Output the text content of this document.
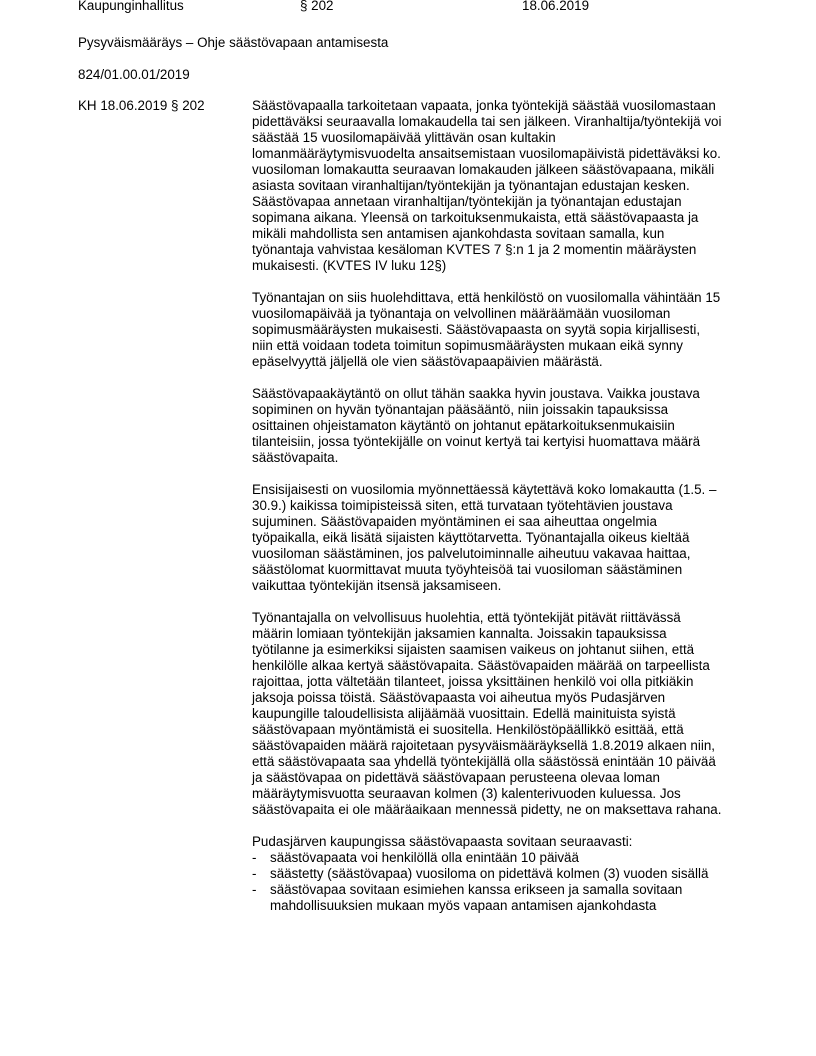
Kaupunginhallitus	§ 202	18.06.2019
Pysyväismääräys – Ohje säästövapaan antamisesta
824/01.00.01/2019
KH 18.06.2019 § 202	Säästövapaalla tarkoitetaan vapaata, jonka työntekijä säästää vuosilomastaan pidettäväksi seuraavalla lomakaudella tai sen jälkeen. Viranhaltija/työntekijä voi säästää 15 vuosilomapäivää ylittävän osan kultakin lomanmääräytymisvuodelta ansaitsemistaan vuosilomapäivistä pidettäväksi ko. vuosiloman lomakautta seuraavan lomakauden jälkeen säästövapaana, mikäli asiasta sovitaan viranhaltijan/työntekijän ja työnantajan edustajan kesken. Säästövapaa annetaan viranhaltijan/työntekijän ja työnantajan edustajan sopimana aikana. Yleensä on tarkoituksenmukaista, että säästövapaasta ja mikäli mahdollista sen antamisen ajankohdasta sovitaan samalla, kun työnantaja vahvistaa kesäloman KVTES 7 §:n 1 ja 2 momentin määräysten mukaisesti. (KVTES IV luku 12§)

Työnantajan on siis huolehdittava, että henkilöstö on vuosilomalla vähintään 15 vuosilomapäivää ja työnantaja on velvollinen määräämään vuosiloman sopimusmääräysten mukaisesti. Säästövapaasta on syytä sopia kirjallisesti, niin että voidaan todeta toimitun sopimusmääräysten mukaan eikä synny epäselvyyttä jäljellä ole vien säästövapaapäivien määrästä.

Säästövapaakäytäntö on ollut tähän saakka hyvin joustava. Vaikka joustava sopiminen on hyvän työnantajan pääsääntö, niin joissakin tapauksissa osittainen ohjeistamaton käytäntö on johtanut epätarkoituksenmukaisiin tilanteisiin, jossa työntekijälle on voinut kertyä tai kertyisi huomattava määrä säästövapaita.

Ensisijaisesti on vuosilomia myönnettäessä käytettävä koko lomakautta (1.5. – 30.9.) kaikissa toimipisteissä siten, että turvataan työtehtävien joustava sujuminen. Säästövapaiden myöntäminen ei saa aiheuttaa ongelmia työpaikalla, eikä lisätä sijaisten käyttötarvetta. Työnantajalla oikeus kieltää vuosiloman säästäminen, jos palvelutoiminnalle aiheutuu vakavaa haittaa, säästölomat kuormittavat muuta työyhteisöä tai vuosiloman säästäminen vaikuttaa työntekijän itsensä jaksamiseen.

Työnantajalla on velvollisuus huolehtia, että työntekijät pitävät riittävässä määrin lomiaan työntekijän jaksamien kannalta. Joissakin tapauksissa työtilanne ja esimerkiksi sijaisten saamisen vaikeus on johtanut siihen, että henkilölle alkaa kertyä säästövapaita. Säästövapaiden määrää on tarpeellista rajoittaa, jotta vältetään tilanteet, joissa yksittäinen henkilö voi olla pitkiäkin jaksoja poissa töistä. Säästövapaasta voi aiheutua myös Pudasjärven kaupungille taloudellisista alijäämää vuosittain. Edellä mainituista syistä säästövapaan myöntämistä ei suositella. Henkilöstöpäällikkö esittää, että säästövapaiden määrä rajoitetaan pysyväismääräyksellä 1.8.2019 alkaen niin, että säästövapaata saa yhdellä työntekijällä olla säästössä enintään 10 päivää ja säästövapaa on pidettävä säästövapaan perusteena olevaa loman määräytymisvuotta seuraavan kolmen (3) kalenterivuoden kuluessa. Jos säästövapaita ei ole määräaikaan mennessä pidetty, ne on maksettava rahana.

Pudasjärven kaupungissa säästövapaasta sovitaan seuraavasti:

- säästövapaata voi henkilöllä olla enintään 10 päivää
- säästetty (säästövapaa) vuosiloma on pidettävä kolmen (3) vuoden sisällä
- säästövapaa sovitaan esimiehen kanssa erikseen ja samalla sovitaan mahdollisuuksien mukaan myös vapaan antamisen ajankohdasta
